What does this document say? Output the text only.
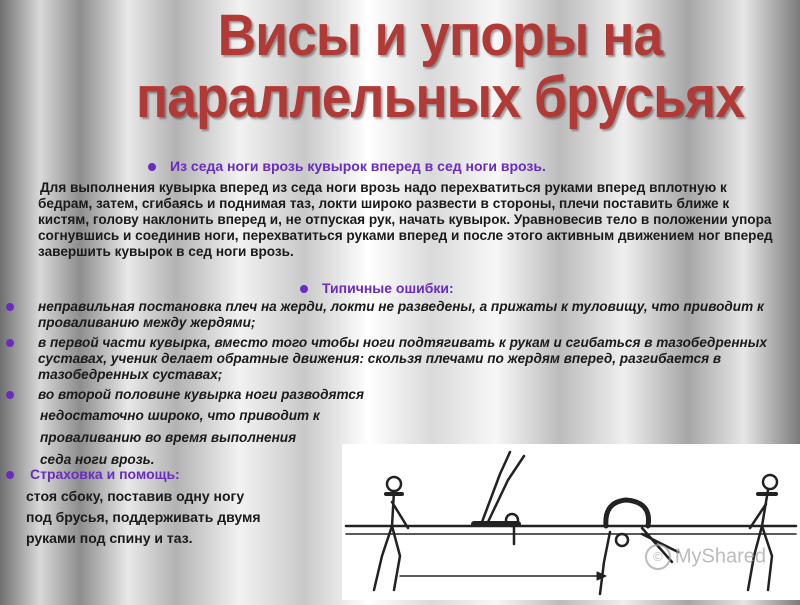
Висы и упоры на
параллельных брусьях
Из седа ноги врозь кувырок вперед в сед ноги врозь.

Для выполнения кувырка вперед из седа ноги врозь надо перехватиться руками вперед вплотную к бедрам, затем, сгибаясь и поднимая таз, локти широко развести в стороны, плечи поставить ближе к кистям, голову наклонить вперед и, не отпуская рук, начать кувырок. Уравновесив тело в положении упора согнувшись и соединив ноги, перехватиться руками вперед и после этого активным движением ног вперед завершить кувырок в сед ноги врозь.

Типичные ошибки:
неправильная постановка плеч на жерди, локти не разведены, а прижаты к туловищу, что приводит к проваливанию между жердями;
в первой части кувырка, вместо того чтобы ноги подтягивать к рукам и сгибаться в тазобедренных суставах, ученик делает обратные движения: скользя плечами по жердям вперед, разгибается в тазобедренных суставах;
во второй половине кувырка ноги разводятся
недостаточно широко, что приводит к
проваливанию во время выполнения
седа ноги врозь.
Страховка и помощь:
стоя сбоку, поставив одну ногу
под брусья, поддерживать двумя
руками под спину и таз.
© MyShared
